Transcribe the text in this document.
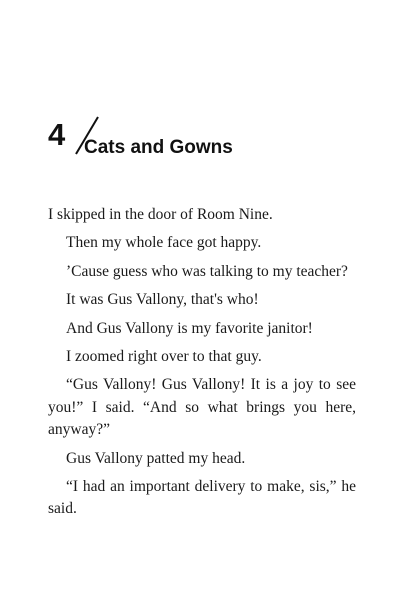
4 Cats and Gowns

I skipped in the door of Room Nine.

Then my whole face got happy.

’Cause guess who was talking to my teacher?

It was Gus Vallony, that's who!

And Gus Vallony is my favorite janitor!

I zoomed right over to that guy.

“Gus Vallony! Gus Vallony! It is a joy to see you!” I said. “And so what brings you here, anyway?”

Gus Vallony patted my head.

“I had an important delivery to make, sis,” he said.
